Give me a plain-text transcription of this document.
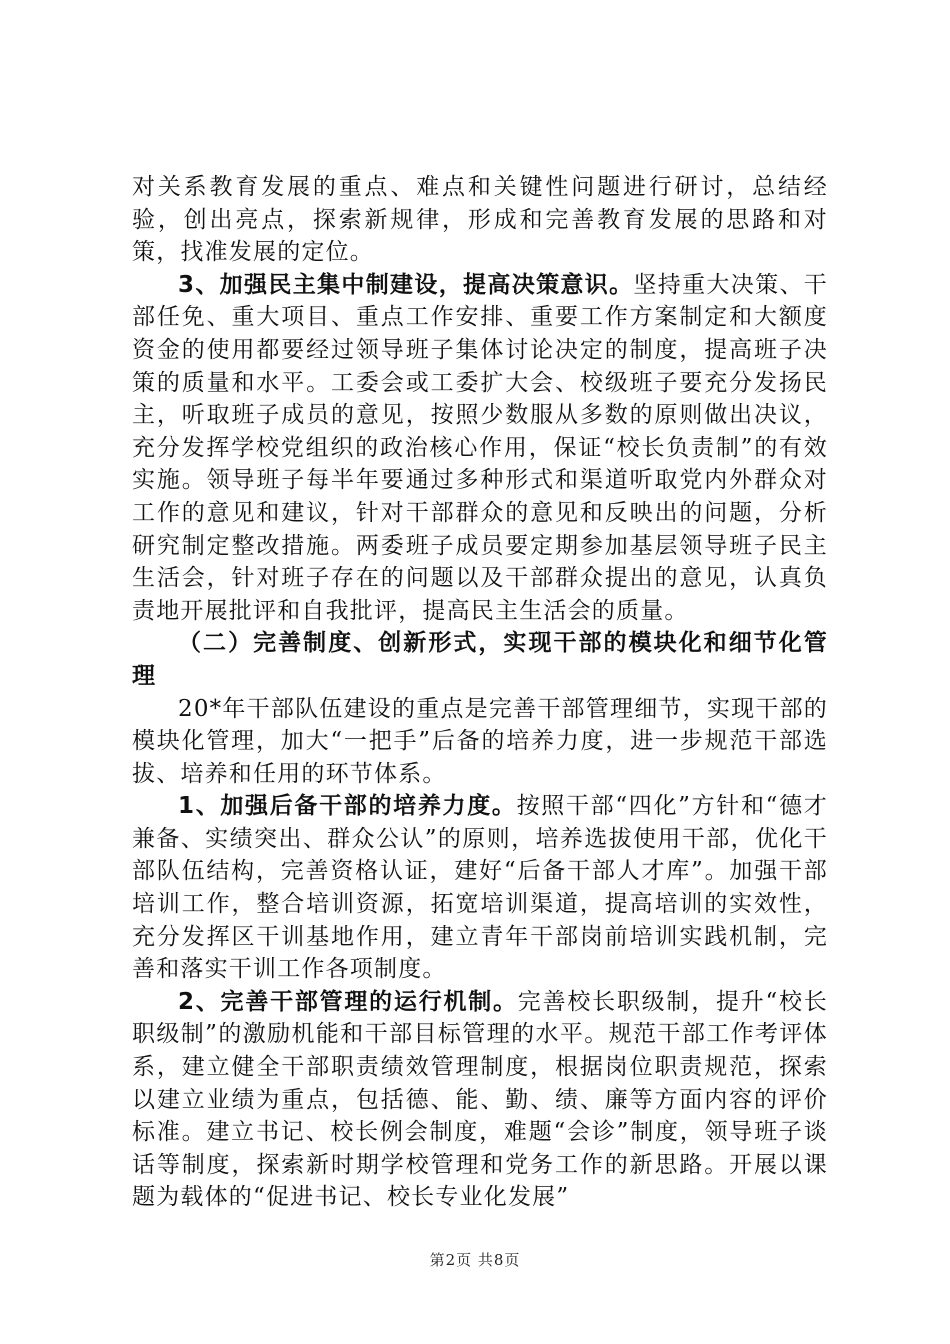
对关系教育发展的重点、难点和关键性问题进行研讨，总结经验，创出亮点，探索新规律，形成和完善教育发展的思路和对策，找准发展的定位。

3、加强民主集中制建设，提高决策意识。坚持重大决策、干部任免、重大项目、重点工作安排、重要工作方案制定和大额度资金的使用都要经过领导班子集体讨论决定的制度，提高班子决策的质量和水平。工委会或工委扩大会、校级班子要充分发扬民主，听取班子成员的意见，按照少数服从多数的原则做出决议，充分发挥学校党组织的政治核心作用，保证“校长负责制”的有效实施。领导班子每半年要通过多种形式和渠道听取党内外群众对工作的意见和建议，针对干部群众的意见和反映出的问题，分析研究制定整改措施。两委班子成员要定期参加基层领导班子民主生活会，针对班子存在的问题以及干部群众提出的意见，认真负责地开展批评和自我批评，提高民主生活会的质量。

（二）完善制度、创新形式，实现干部的模块化和细节化管理

20*年干部队伍建设的重点是完善干部管理细节，实现干部的模块化管理，加大“一把手”后备的培养力度，进一步规范干部选拔、培养和任用的环节体系。

1、加强后备干部的培养力度。按照干部“四化”方针和“德才兼备、实绩突出、群众公认”的原则，培养选拔使用干部，优化干部队伍结构，完善资格认证，建好“后备干部人才库”。加强干部培训工作，整合培训资源，拓宽培训渠道，提高培训的实效性，充分发挥区干训基地作用，建立青年干部岗前培训实践机制，完善和落实干训工作各项制度。

2、完善干部管理的运行机制。完善校长职级制，提升“校长职级制”的激励机能和干部目标管理的水平。规范干部工作考评体系，建立健全干部职责绩效管理制度，根据岗位职责规范，探索以建立业绩为重点，包括德、能、勤、绩、廉等方面内容的评价标准。建立书记、校长例会制度，难题“会诊”制度，领导班子谈话等制度，探索新时期学校管理和党务工作的新思路。开展以课题为载体的“促进书记、校长专业化发展”

第2页 共8页
